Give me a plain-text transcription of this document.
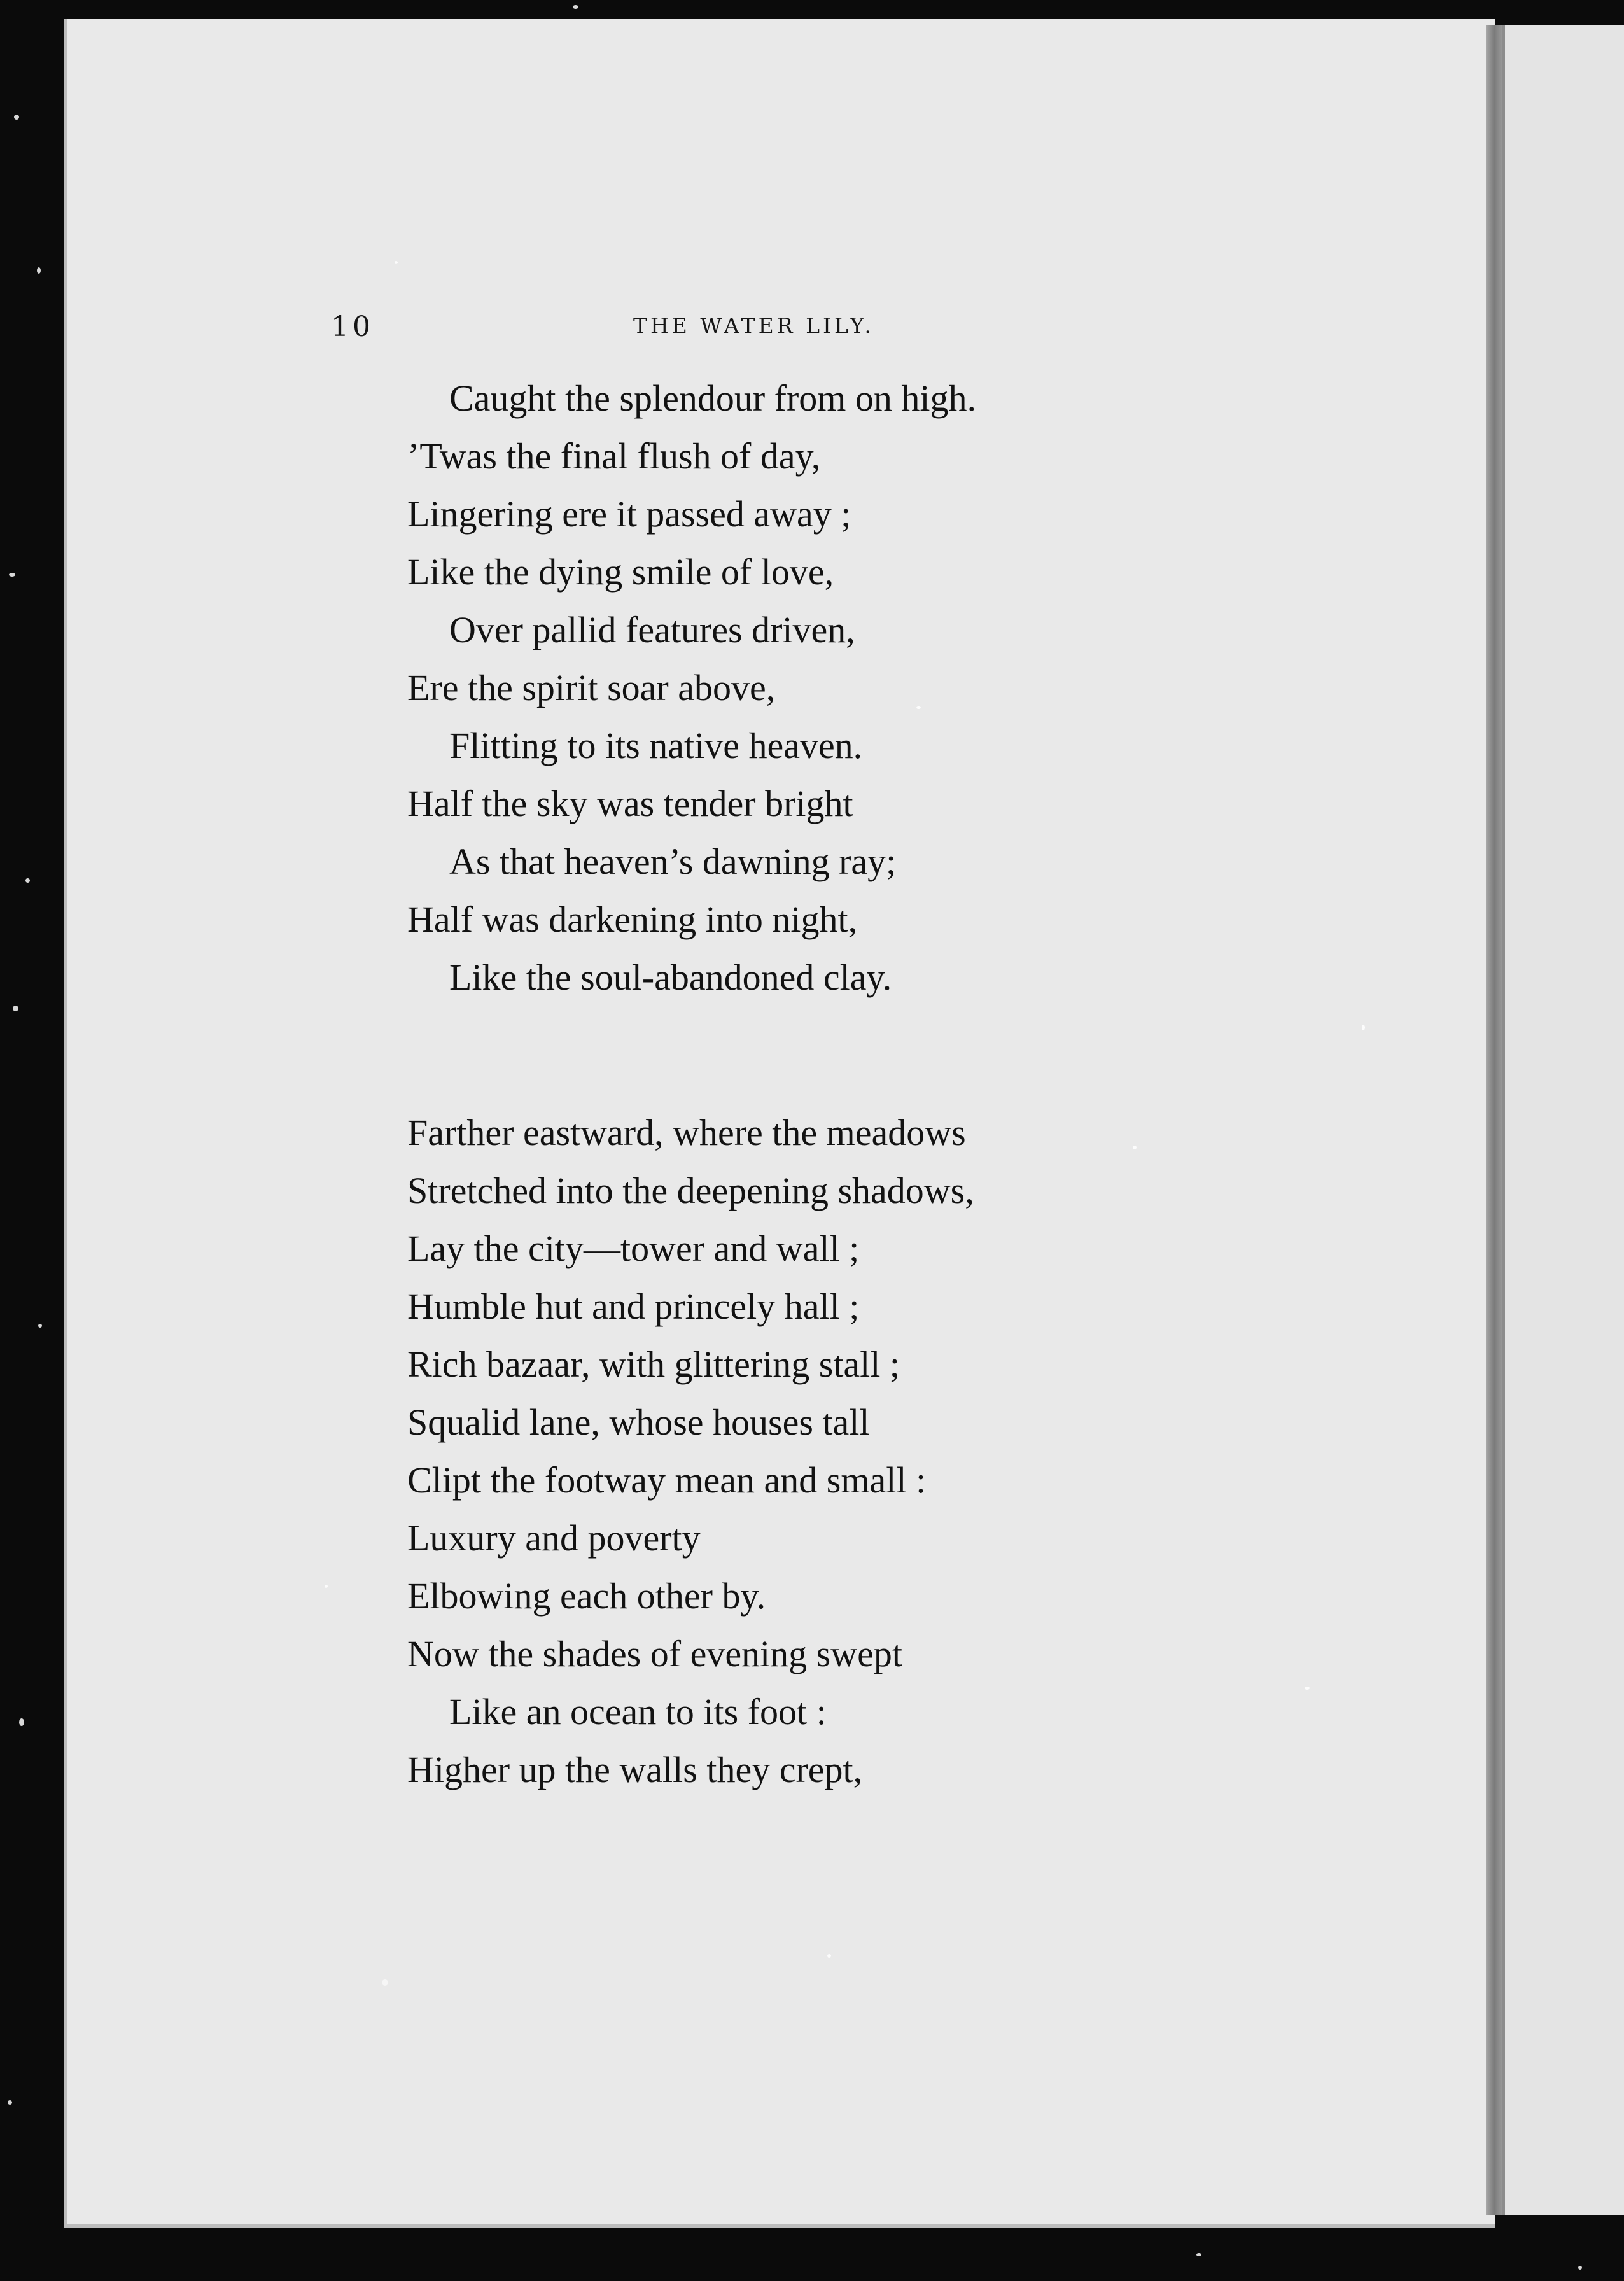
10	THE WATER LILY.
Caught the splendour from on high.
’Twas the final flush of day,
Lingering ere it passed away ;
Like the dying smile of love,
Over pallid features driven,
Ere the spirit soar above,
Flitting to its native heaven.
Half the sky was tender bright
As that heaven’s dawning ray;
Half was darkening into night,
Like the soul-abandoned clay.
Farther eastward, where the meadows
Stretched into the deepening shadows,
Lay the city—tower and wall ;
Humble hut and princely hall ;
Rich bazaar, with glittering stall ;
Squalid lane, whose houses tall
Clipt the footway mean and small :
Luxury and poverty
Elbowing each other by.
Now the shades of evening swept
Like an ocean to its foot :
Higher up the walls they crept,
